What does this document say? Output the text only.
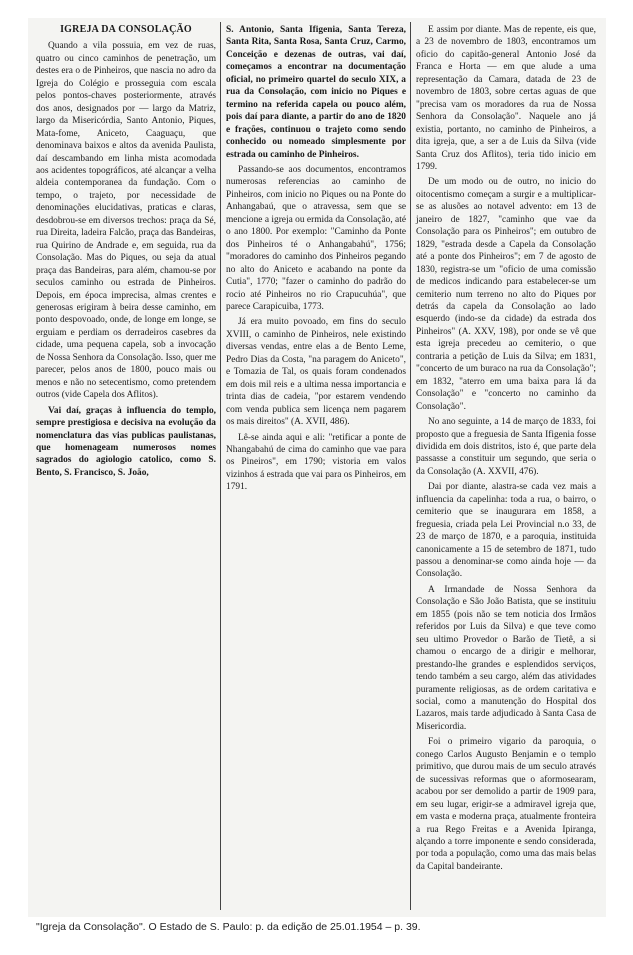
IGREJA DA CONSOLAÇÃO

Quando a vila possuia, em vez de ruas, quatro ou cinco caminhos de penetração, um destes era o de Pinheiros, que nascia no adro da Igreja do Colégio e prosseguia com escala pelos pontos-chaves posteriormente, através dos anos, designados por — largo da Matriz, largo da Misericórdia, Santo Antonio, Piques, Mata-fome, Aniceto, Caaguaçu, que denominava baixos e altos da avenida Paulista, daí descambando em linha mista acomodada aos acidentes topográficos, até alcançar a velha aldeia contemporanea da fundação. Com o tempo, o trajeto, por necessidade de denominações elucidativas, praticas e claras, desdobrou-se em diversos trechos: praça da Sé, rua Direita, ladeira Falcão, praça das Bandeiras, rua Quirino de Andrade e, em seguida, rua da Consolação. Mas do Piques, ou seja da atual praça das Bandeiras, para além, chamou-se por seculos caminho ou estrada de Pinheiros. Depois, em época imprecisa, almas crentes e generosas erigiram à beira desse caminho, em ponto despovoado, onde, de longe em longe, se erguiam e perdiam os derradeiros casebres da cidade, uma pequena capela, sob a invocação de Nossa Senhora da Consolação. Isso, quer me parecer, pelos anos de 1800, pouco mais ou menos e não no setecentismo, como pretendem outros (vide Capela dos Aflitos).

Vai daí, graças à influencia do templo, sempre prestigiosa e decisiva na evolução da nomenclatura das vias publicas paulistanas, que homenageam numerosos nomes sagrados do agiologio catolico, como S. Bento, S. Francisco, S. João,

S. Antonio, Santa Ifigenia, Santa Tereza, Santa Rita, Santa Rosa, Santa Cruz, Carmo, Conceição e dezenas de outras, vai daí, começamos a encontrar na documentação oficial, no primeiro quartel do seculo XIX, a rua da Consolação, com inicio no Piques e termino na referida capela ou pouco além, pois daí para diante, a partir do ano de 1820 e frações, continuou o trajeto como sendo conhecido ou nomeado simplesmente por estrada ou caminho de Pinheiros.

Passando-se aos documentos, encontramos numerosas referencias ao caminho de Pinheiros, com inicio no Piques ou na Ponte do Anhangabaú, que o atravessa, sem que se mencione a igreja ou ermida da Consolação, até o ano 1800. Por exemplo: "Caminho da Ponte dos Pinheiros té o Anhangabahú", 1756; "moradores do caminho dos Pinheiros pegando no alto do Aniceto e acabando na ponte da Cutia", 1770; "fazer o caminho do padrão do rocio até Pinheiros no rio Crapucuhúa", que parece Carapicuiba, 1773.

Já era muito povoado, em fins do seculo XVIII, o caminho de Pinheiros, nele existindo diversas vendas, entre elas a de Bento Leme, Pedro Dias da Costa, "na paragem do Aniceto", e Tomazia de Tal, os quais foram condenados em dois mil reis e a ultima nessa importancia e trinta dias de cadeia, "por estarem vendendo com venda publica sem licença nem pagarem os mais direitos" (A. XVII, 486).

Lê-se ainda aqui e ali: "retificar a ponte de Nhangabahú de cima do caminho que vae para os Pineiros", em 1790; vistoria em valos vizinhos á estrada que vai para os Pinheiros, em 1791.

E assim por diante. Mas de repente, eis que, a 23 de novembro de 1803, encontramos um oficio do capitão-general Antonio José da Franca e Horta — em que alude a uma representação da Camara, datada de 23 de novembro de 1803, sobre certas aguas de que "precisa vam os moradores da rua de Nossa Senhora da Consolação". Naquele ano já existia, portanto, no caminho de Pinheiros, a dita igreja, que, a ser a de Luis da Silva (vide Santa Cruz dos Aflitos), teria tido inicio em 1799.

De um modo ou de outro, no inicio do oitocentismo começam a surgir e a multiplicar-se as alusões ao notavel advento: em 13 de janeiro de 1827, "caminho que vae da Consolação para os Pinheiros"; em outubro de 1829, "estrada desde a Capela da Consolação até a ponte dos Pinheiros"; em 7 de agosto de 1830, registra-se um "oficio de uma comissão de medicos indicando para estabelecer-se um cemiterio num terreno no alto do Piques por detrás da capela da Consolação ao lado esquerdo (indo-se da cidade) da estrada dos Pinheiros" (A. XXV, 198), por onde se vê que esta igreja precedeu ao cemiterio, o que contraria a petição de Luis da Silva; em 1831, "concerto de um buraco na rua da Consolação"; em 1832, "aterro em uma baixa para lá da Consolação" e "concerto no caminho da Consolação".

No ano seguinte, a 14 de março de 1833, foi proposto que a freguesia de Santa Ifigenia fosse dividida em dois distritos, isto é, que parte dela passasse a constituir um segundo, que seria o da Consolação (A. XXVII, 476).

Dai por diante, alastra-se cada vez mais a influencia da capelinha: toda a rua, o bairro, o cemiterio que se inaugurara em 1858, a freguesia, criada pela Lei Provincial n.o 33, de 23 de março de 1870, e a paroquia, instituida canonicamente a 15 de setembro de 1871, tudo passou a denominar-se como ainda hoje — da Consolação.

A Irmandade de Nossa Senhora da Consolação e São João Batista, que se instituiu em 1855 (pois não se tem noticia dos Irmãos referidos por Luis da Silva) e que teve como seu ultimo Provedor o Barão de Tietê, a si chamou o encargo de a dirigir e melhorar, prestando-lhe grandes e esplendidos serviços, tendo também a seu cargo, além das atividades puramente religiosas, as de ordem caritativa e social, como a manutenção do Hospital dos Lazaros, mais tarde adjudicado à Santa Casa de Misericordia.

Foi o primeiro vigario da paroquia, o conego Carlos Augusto Benjamin e o templo primitivo, que durou mais de um seculo através de sucessivas reformas que o aformosearam, acabou por ser demolido a partir de 1909 para, em seu lugar, erigir-se a admiravel igreja que, em vasta e moderna praça, atualmente fronteira a rua Rego Freitas e a Avenida Ipiranga, alçando a torre imponente e sendo considerada, por toda a população, como uma das mais belas da Capital bandeirante.

"Igreja da Consolação". O Estado de S. Paulo: p. da edição de 25.01.1954 – p. 39.
